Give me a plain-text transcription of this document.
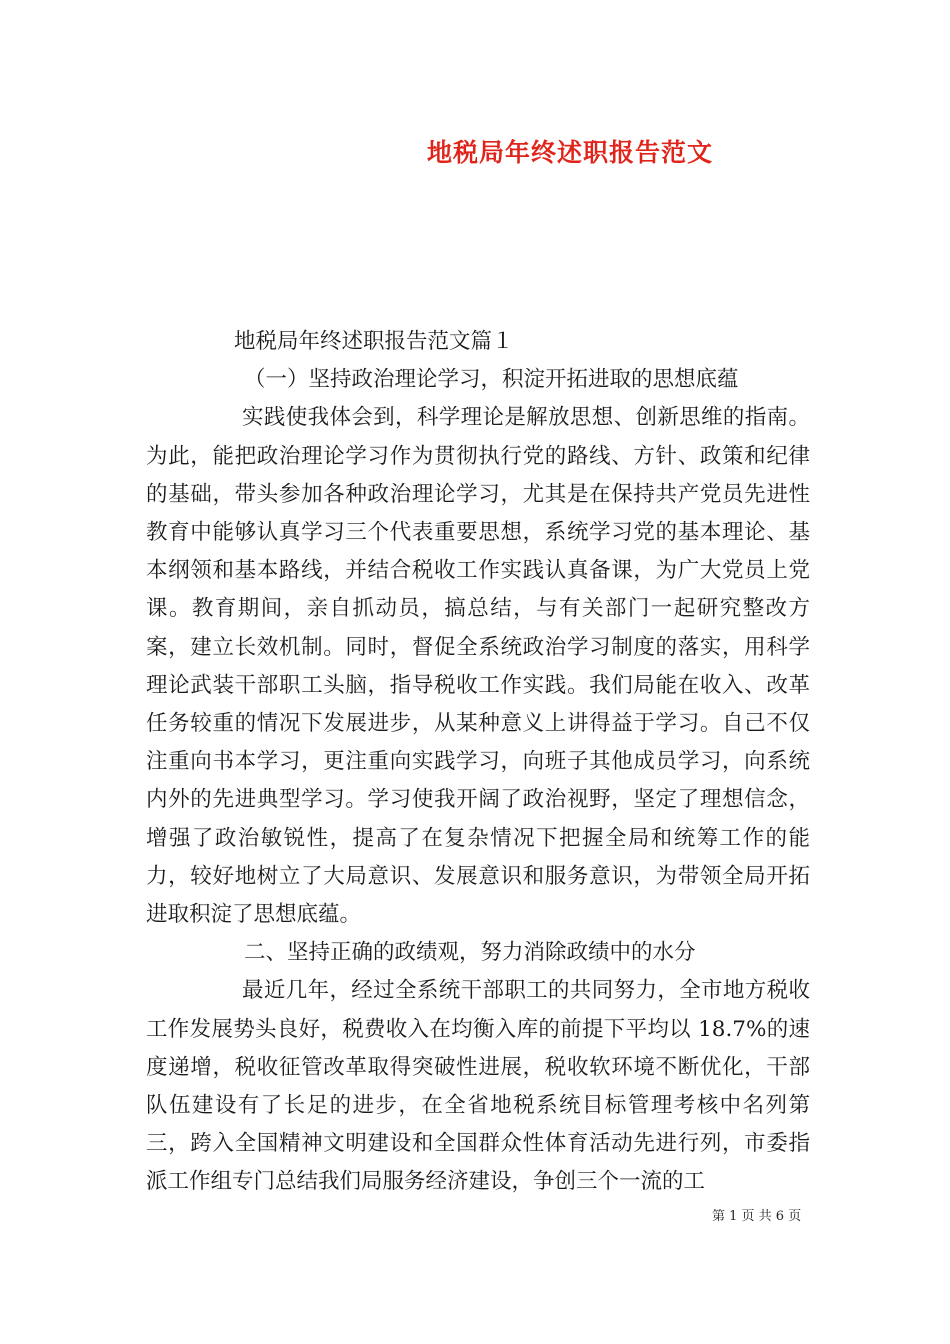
地税局年终述职报告范文

地税局年终述职报告范文篇１

（一）坚持政治理论学习，积淀开拓进取的思想底蕴

实践使我体会到，科学理论是解放思想、创新思维的指南。为此，能把政治理论学习作为贯彻执行党的路线、方针、政策和纪律的基础，带头参加各种政治理论学习，尤其是在保持共产党员先进性教育中能够认真学习三个代表重要思想，系统学习党的基本理论、基本纲领和基本路线，并结合税收工作实践认真备课，为广大党员上党课。教育期间，亲自抓动员，搞总结，与有关部门一起研究整改方案，建立长效机制。同时，督促全系统政治学习制度的落实，用科学理论武装干部职工头脑，指导税收工作实践。我们局能在收入、改革任务较重的情况下发展进步，从某种意义上讲得益于学习。自己不仅注重向书本学习，更注重向实践学习，向班子其他成员学习，向系统内外的先进典型学习。学习使我开阔了政治视野，坚定了理想信念，增强了政治敏锐性，提高了在复杂情况下把握全局和统筹工作的能力，较好地树立了大局意识、发展意识和服务意识，为带领全局开拓进取积淀了思想底蕴。

二、坚持正确的政绩观，努力消除政绩中的水分

最近几年，经过全系统干部职工的共同努力，全市地方税收工作发展势头良好，税费收入在均衡入库的前提下平均以 18.7%的速度递增，税收征管改革取得突破性进展，税收软环境不断优化，干部队伍建设有了长足的进步，在全省地税系统目标管理考核中名列第三，跨入全国精神文明建设和全国群众性体育活动先进行列，市委指派工作组专门总结我们局服务经济建设，争创三个一流的工

第 1 页 共 6 页
